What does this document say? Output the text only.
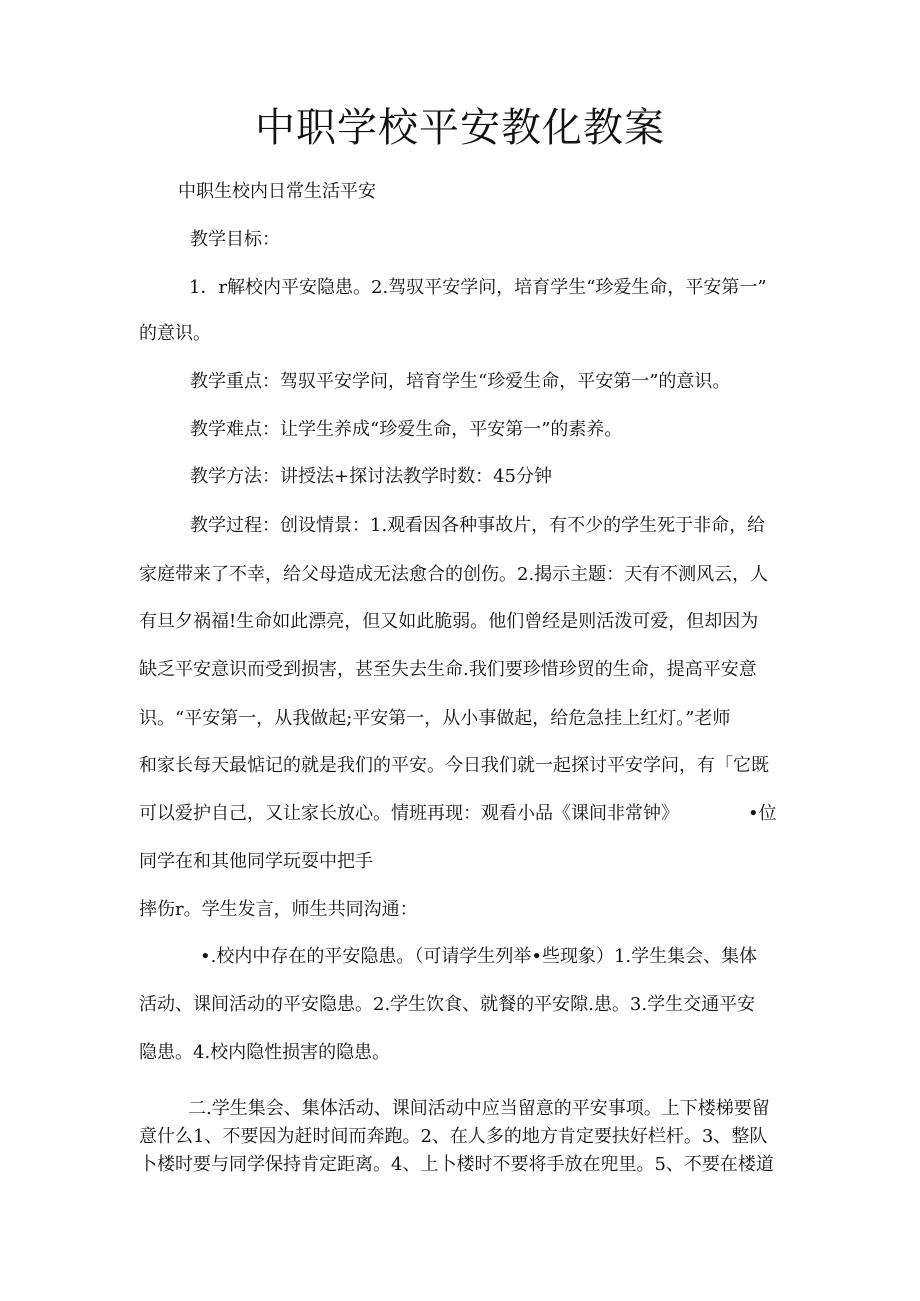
中职学校平安教化教案
中职生校内日常生活平安
教学目标：
1．r解校内平安隐患。2.驾驭平安学问，培育学生“珍爱生命，平安第一”
的意识。
教学重点：驾驭平安学问，培育学生“珍爱生命，平安第一”的意识。
教学难点：让学生养成“珍爱生命，平安第一”的素养。
教学方法：讲授法+探讨法教学时数：45分钟
教学过程：创设情景：1.观看因各种事故片，有不少的学生死于非命，给
家庭带来了不幸，给父母造成无法愈合的创伤。2.揭示主题：天有不测风云，人
有旦夕祸福!生命如此漂亮，但又如此脆弱。他们曾经是则活泼可爱，但却因为
缺乏平安意识而受到损害，甚至失去生命.我们要珍惜珍贸的生命，提高平安意
识。“平安第一，从我做起;平安第一，从小事做起，给危急挂上红灯。”老师
和家长每天最惦记的就是我们的平安。今日我们就一起探讨平安学问，有「它既
可以爱护自己，又让家长放心。情班再现：观看小品《课间非常钟》	•位
同学在和其他同学玩耍中把手
摔伤r。学生发言，师生共同沟通：
•.校内中存在的平安隐患。（可请学生列举•些现象）1.学生集会、集体
活动、课间活动的平安隐患。2.学生饮食、就餐的平安隙.患。3.学生交通平安
隐患。4.校内隐性损害的隐患。
二.学生集会、集体活动、课间活动中应当留意的平安事项。上下楼梯要留
意什么1、不要因为赶时间而奔跑。2、在人多的地方肯定要扶好栏杆。3、整队
卜楼时要与同学保持肯定距离。4、上卜楼时不要将手放在兜里。5、不要在楼道
